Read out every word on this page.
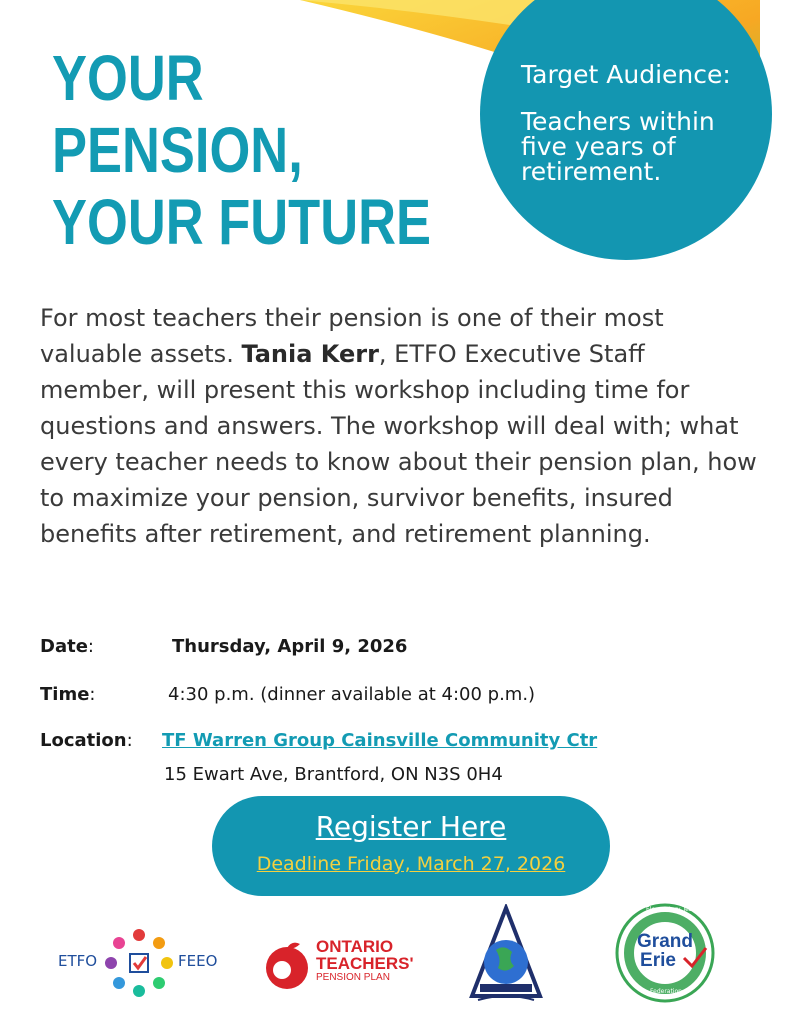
YOUR
PENSION,
YOUR FUTURE

Target Audience:

Teachers within five years of retirement.

For most teachers their pension is one of their most valuable assets. Tania Kerr, ETFO Executive Staff member, will present this workshop including time for questions and answers. The workshop will deal with; what every teacher needs to know about their pension plan, how to maximize your pension, survivor benefits, insured benefits after retirement, and retirement planning.

Date:	Thursday, April 9, 2026
Time:	4:30 p.m. (dinner available at 4:00 p.m.)
Location: TF Warren Group Cainsville Community Ctr
15 Ewart Ave, Brantford, ON N3S 0H4
Register Here
Deadline Friday, March 27, 2026
ETFO	FEEO
ONTARIO
TEACHERS'
PENSION PLAN
Grand
Erie
Elementary Teachers'
Federation
